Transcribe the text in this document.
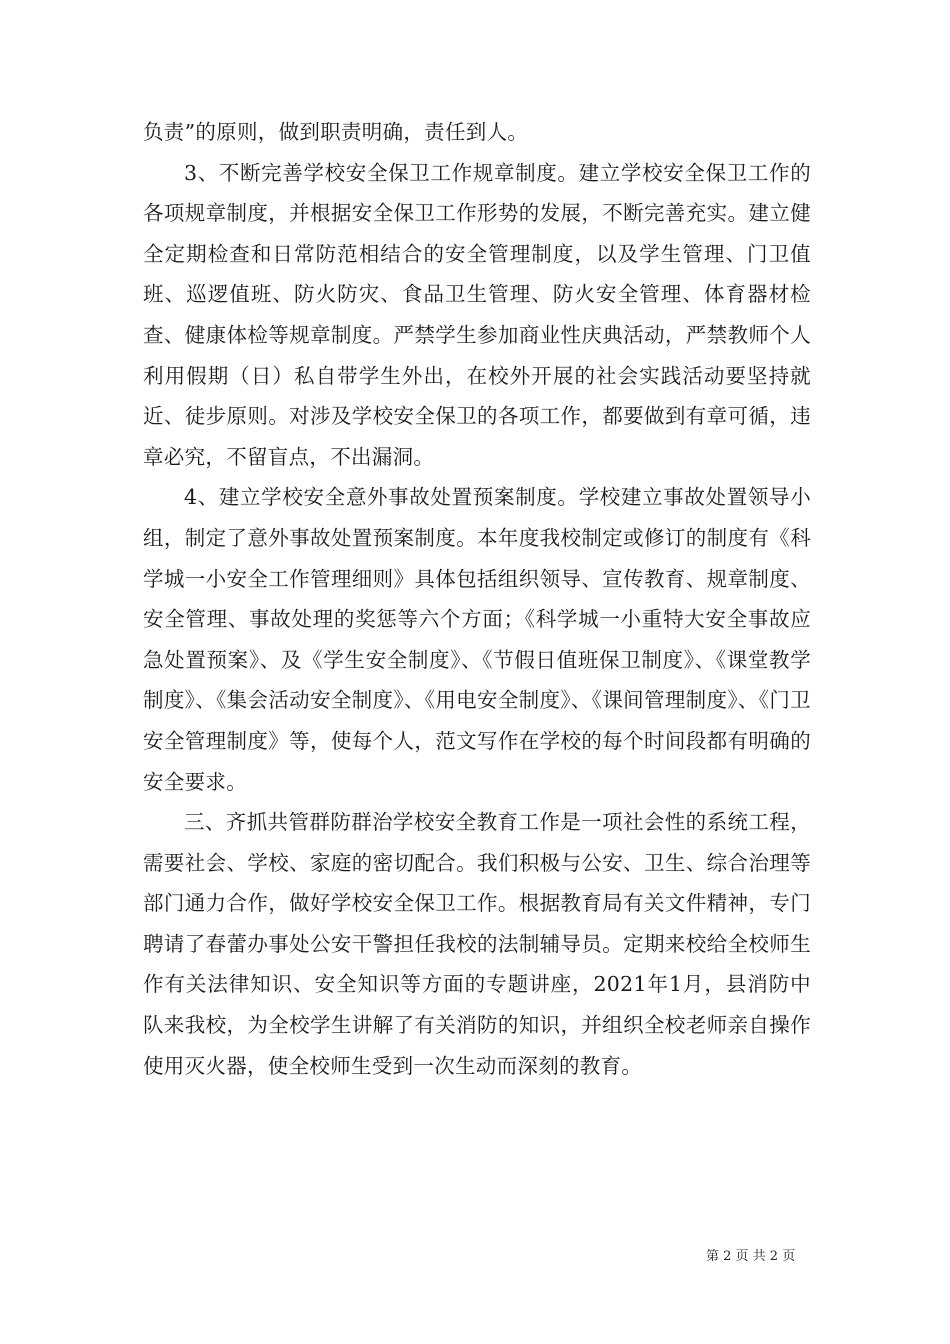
负责”的原则，做到职责明确，责任到人。

3、不断完善学校安全保卫工作规章制度。建立学校安全保卫工作的各项规章制度，并根据安全保卫工作形势的发展，不断完善充实。建立健全定期检查和日常防范相结合的安全管理制度，以及学生管理、门卫值班、巡逻值班、防火防灾、食品卫生管理、防火安全管理、体育器材检查、健康体检等规章制度。严禁学生参加商业性庆典活动，严禁教师个人利用假期（日）私自带学生外出，在校外开展的社会实践活动要坚持就近、徒步原则。对涉及学校安全保卫的各项工作，都要做到有章可循，违章必究，不留盲点，不出漏洞。

4、建立学校安全意外事故处置预案制度。学校建立事故处置领导小组，制定了意外事故处置预案制度。本年度我校制定或修订的制度有《科学城一小安全工作管理细则》具体包括组织领导、宣传教育、规章制度、安全管理、事故处理的奖惩等六个方面；《科学城一小重特大安全事故应急处置预案》、及《学生安全制度》、《节假日值班保卫制度》、《课堂教学制度》、《集会活动安全制度》、《用电安全制度》、《课间管理制度》、《门卫安全管理制度》等，使每个人，范文写作在学校的每个时间段都有明确的安全要求。

三、齐抓共管群防群治学校安全教育工作是一项社会性的系统工程，需要社会、学校、家庭的密切配合。我们积极与公安、卫生、综合治理等部门通力合作，做好学校安全保卫工作。根据教育局有关文件精神，专门聘请了春蕾办事处公安干警担任我校的法制辅导员。定期来校给全校师生作有关法律知识、安全知识等方面的专题讲座，2021年1月，县消防中队来我校，为全校学生讲解了有关消防的知识，并组织全校老师亲自操作使用灭火器，使全校师生受到一次生动而深刻的教育。

第 2 页 共 2 页
